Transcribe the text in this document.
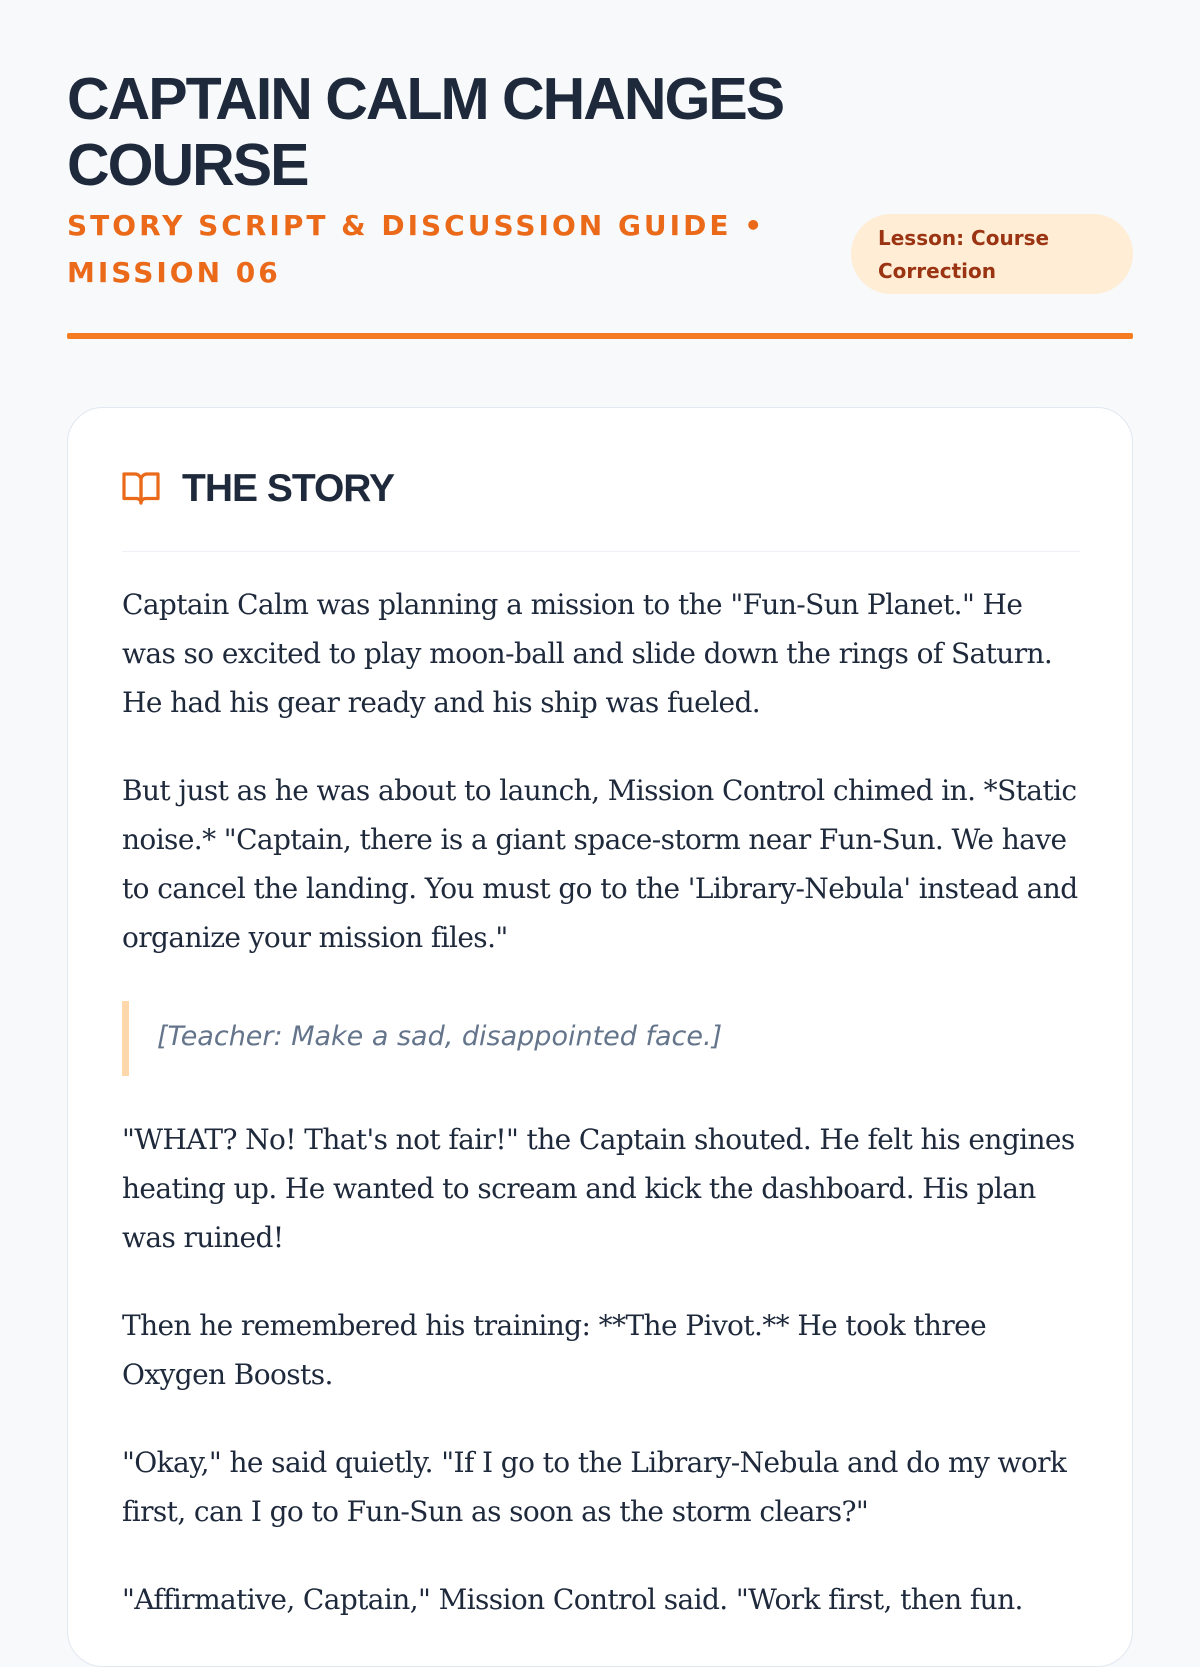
CAPTAIN CALM CHANGES COURSE
STORY SCRIPT & DISCUSSION GUIDE • MISSION 06
Lesson: Course Correction
THE STORY

Captain Calm was planning a mission to the "Fun-Sun Planet." He was so excited to play moon-ball and slide down the rings of Saturn. He had his gear ready and his ship was fueled.

But just as he was about to launch, Mission Control chimed in. *Static noise.* "Captain, there is a giant space-storm near Fun-Sun. We have to cancel the landing. You must go to the 'Library-Nebula' instead and organize your mission files."

[Teacher: Make a sad, disappointed face.]

"WHAT? No! That's not fair!" the Captain shouted. He felt his engines heating up. He wanted to scream and kick the dashboard. His plan was ruined!

Then he remembered his training: **The Pivot.** He took three Oxygen Boosts.

"Okay," he said quietly. "If I go to the Library-Nebula and do my work first, can I go to Fun-Sun as soon as the storm clears?"

"Affirmative, Captain," Mission Control said. "Work first, then fun.
